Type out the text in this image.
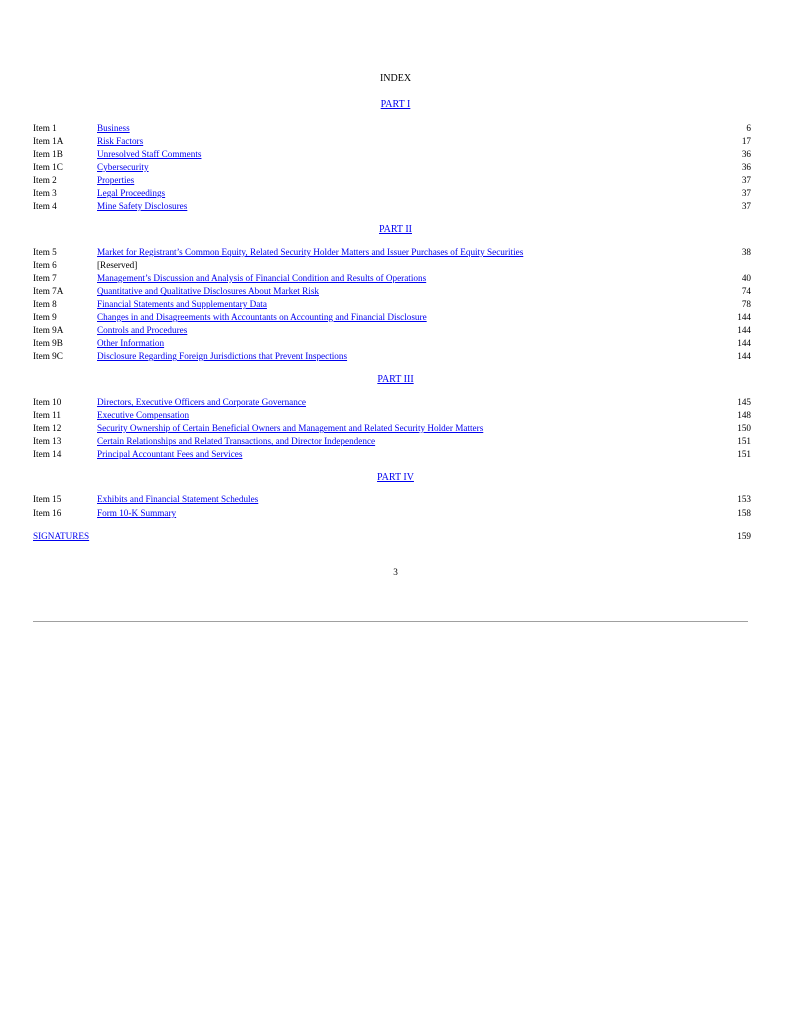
INDEX
PART I
Item 1	Business	6
Item 1A	Risk Factors	17
Item 1B	Unresolved Staff Comments	36
Item 1C	Cybersecurity	36
Item 2	Properties	37
Item 3	Legal Proceedings	37
Item 4	Mine Safety Disclosures	37
PART II
Item 5	Market for Registrant’s Common Equity, Related Security Holder Matters and Issuer Purchases of Equity Securities	38
Item 6	[Reserved]
Item 7	Management’s Discussion and Analysis of Financial Condition and Results of Operations	40
Item 7A	Quantitative and Qualitative Disclosures About Market Risk	74
Item 8	Financial Statements and Supplementary Data	78
Item 9	Changes in and Disagreements with Accountants on Accounting and Financial Disclosure	144
Item 9A	Controls and Procedures	144
Item 9B	Other Information	144
Item 9C	Disclosure Regarding Foreign Jurisdictions that Prevent Inspections	144
PART III
Item 10	Directors, Executive Officers and Corporate Governance	145
Item 11	Executive Compensation	148
Item 12	Security Ownership of Certain Beneficial Owners and Management and Related Security Holder Matters	150
Item 13	Certain Relationships and Related Transactions, and Director Independence	151
Item 14	Principal Accountant Fees and Services	151
PART IV
Item 15	Exhibits and Financial Statement Schedules	153
Item 16	Form 10-K Summary	158
SIGNATURES	159
3
